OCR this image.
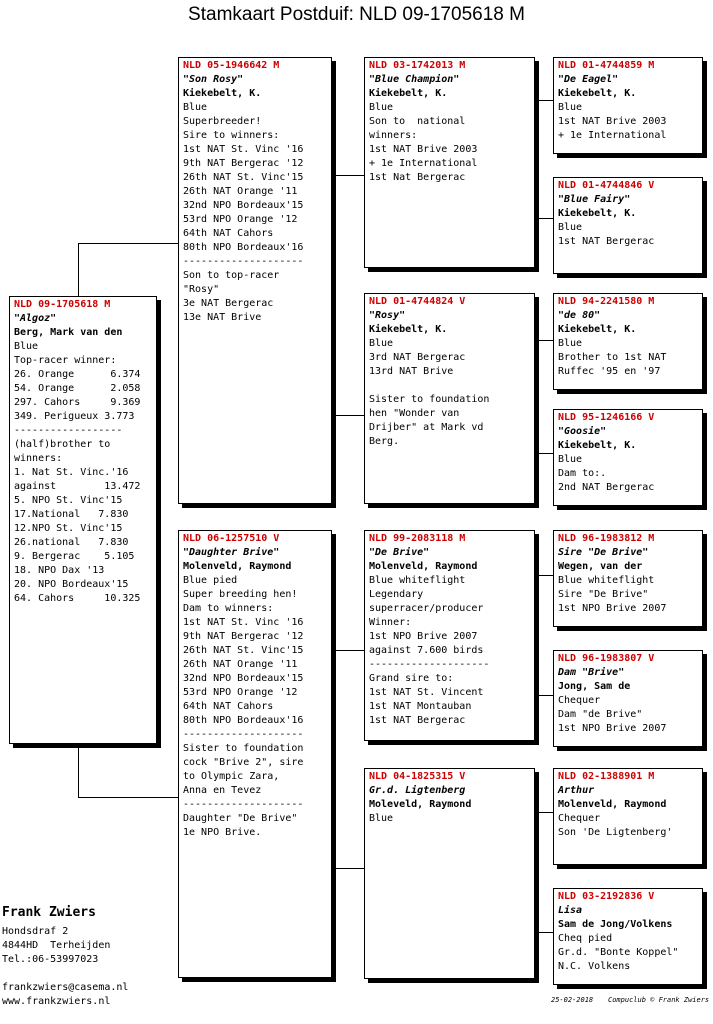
Stamkaart Postduif: NLD 09-1705618 M
NLD 09-1705618 M
"Algoz"
Berg, Mark van den
Blue
Top-racer winner:
26. Orange      6.374
54. Orange      2.058
297. Cahors     9.369
349. Perigueux 3.773
------------------
(half)brother to
winners:
1. Nat St. Vinc.'16
against        13.472
5. NPO St. Vinc'15
17.National   7.830
12.NPO St. Vinc'15
26.national   7.830
9. Bergerac    5.105
18. NPO Dax '13
20. NPO Bordeaux'15
64. Cahors     10.325
NLD 05-1946642 M
"Son Rosy"
Kiekebelt, K.
Blue
Superbreeder!
Sire to winners:
1st NAT St. Vinc '16
9th NAT Bergerac '12
26th NAT St. Vinc'15
26th NAT Orange '11
32nd NPO Bordeaux'15
53rd NPO Orange '12
64th NAT Cahors
80th NPO Bordeaux'16
--------------------
Son to top-racer
"Rosy"
3e NAT Bergerac
13e NAT Brive
NLD 06-1257510 V
"Daughter Brive"
Molenveld, Raymond
Blue pied
Super breeding hen!
Dam to winners:
1st NAT St. Vinc '16
9th NAT Bergerac '12
26th NAT St. Vinc'15
26th NAT Orange '11
32nd NPO Bordeaux'15
53rd NPO Orange '12
64th NAT Cahors
80th NPO Bordeaux'16
--------------------
Sister to foundation
cock "Brive 2", sire
to Olympic Zara,
Anna en Tevez
--------------------
Daughter "De Brive"
1e NPO Brive.
NLD 03-1742013 M
"Blue Champion"
Kiekebelt, K.
Blue
Son to  national
winners:
1st NAT Brive 2003
+ 1e International
1st Nat Bergerac
NLD 01-4744824 V
"Rosy"
Kiekebelt, K.
Blue
3rd NAT Bergerac
13rd NAT Brive

Sister to foundation
hen "Wonder van
Drijber" at Mark vd
Berg.
NLD 99-2083118 M
"De Brive"
Molenveld, Raymond
Blue whiteflight
Legendary
superracer/producer
Winner:
1st NPO Brive 2007
against 7.600 birds
--------------------
Grand sire to:
1st NAT St. Vincent
1st NAT Montauban
1st NAT Bergerac
NLD 04-1825315 V
Gr.d. Ligtenberg
Moleveld, Raymond
Blue
NLD 01-4744859 M
"De Eagel"
Kiekebelt, K.
Blue
1st NAT Brive 2003
+ 1e International
NLD 01-4744846 V
"Blue Fairy"
Kiekebelt, K.
Blue
1st NAT Bergerac
NLD 94-2241580 M
"de 80"
Kiekebelt, K.
Blue
Brother to 1st NAT
Ruffec '95 en '97
NLD 95-1246166 V
"Goosie"
Kiekebelt, K.
Blue
Dam to:.
2nd NAT Bergerac
NLD 96-1983812 M
Sire "De Brive"
Wegen, van der
Blue whiteflight
Sire "De Brive"
1st NPO Brive 2007
NLD 96-1983807 V
Dam "Brive"
Jong, Sam de
Chequer
Dam "de Brive"
1st NPO Brive 2007
NLD 02-1388901 M
Arthur
Molenveld, Raymond
Chequer
Son 'De Ligtenberg'
NLD 03-2192836 V
Lisa
Sam de Jong/Volkens
Cheq pied
Gr.d. "Bonte Koppel"
N.C. Volkens
Frank Zwiers
Hondsdraf 2
4844HD  Terheijden
Tel.:06-53997023
frankzwiers@casema.nl
www.frankzwiers.nl	25-02-2018 Compuclub © Frank Zwiers
